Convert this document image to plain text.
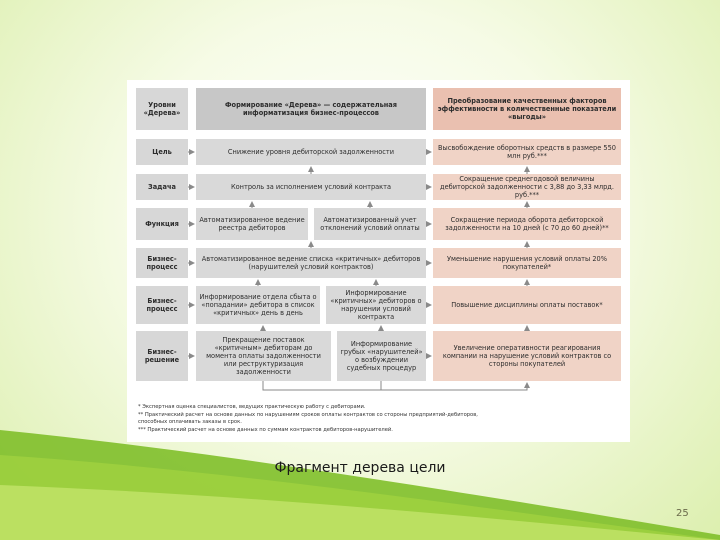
Уровни «Дерева»
Цель
Задача
Функция
Бизнес-процесс
Бизнес-процесс
Бизнес-решение
Формирование «Дерева» — содержательная информатизация бизнес-процессов
Снижение уровня дебиторской задолженности
Контроль за исполнением условий контракта
Автоматизированное ведение реестра дебиторов
Автоматизированный учет отклонений условий оплаты
Автоматизированное ведение списка «критичных» дебиторов (нарушителей условий контрактов)
Информирование отдела сбыта о «попадании» дебитора в список «критичных» день в день
Информирование «критичных» дебиторов о нарушении условий контракта
Прекращение поставок «критичным» дебиторам до момента оплаты задолженности или реструктуризация задолженности
Информирование грубых «нарушителей» о возбуждении судебных процедур
Преобразование качественных факторов эффективности в количественные показатели «выгоды»
Высвобождение оборотных средств в размере 550 млн руб.***
Сокращение среднегодовой величины дебиторской задолженности с 3,88 до 3,33 млрд. руб.***
Сокращение периода оборота дебиторской задолженности на 10 дней (с 70 до 60 дней)**
Уменьшение нарушения условий оплаты 20% покупателей*
Повышение дисциплины оплаты поставок*
Увеличение оперативности реагирования компании на нарушение условий контрактов со стороны покупателей
* Экспертная оценка специалистов, ведущих практическую работу с дебиторами.
** Практический расчет на основе данных по нарушениям сроков оплаты контрактов со стороны предприятий-дебиторов,
способных оплачивать заказы в срок.
*** Практический расчет на основе данных по суммам контрактов дебиторов-нарушителей.
Фрагмент дерева цели
25
